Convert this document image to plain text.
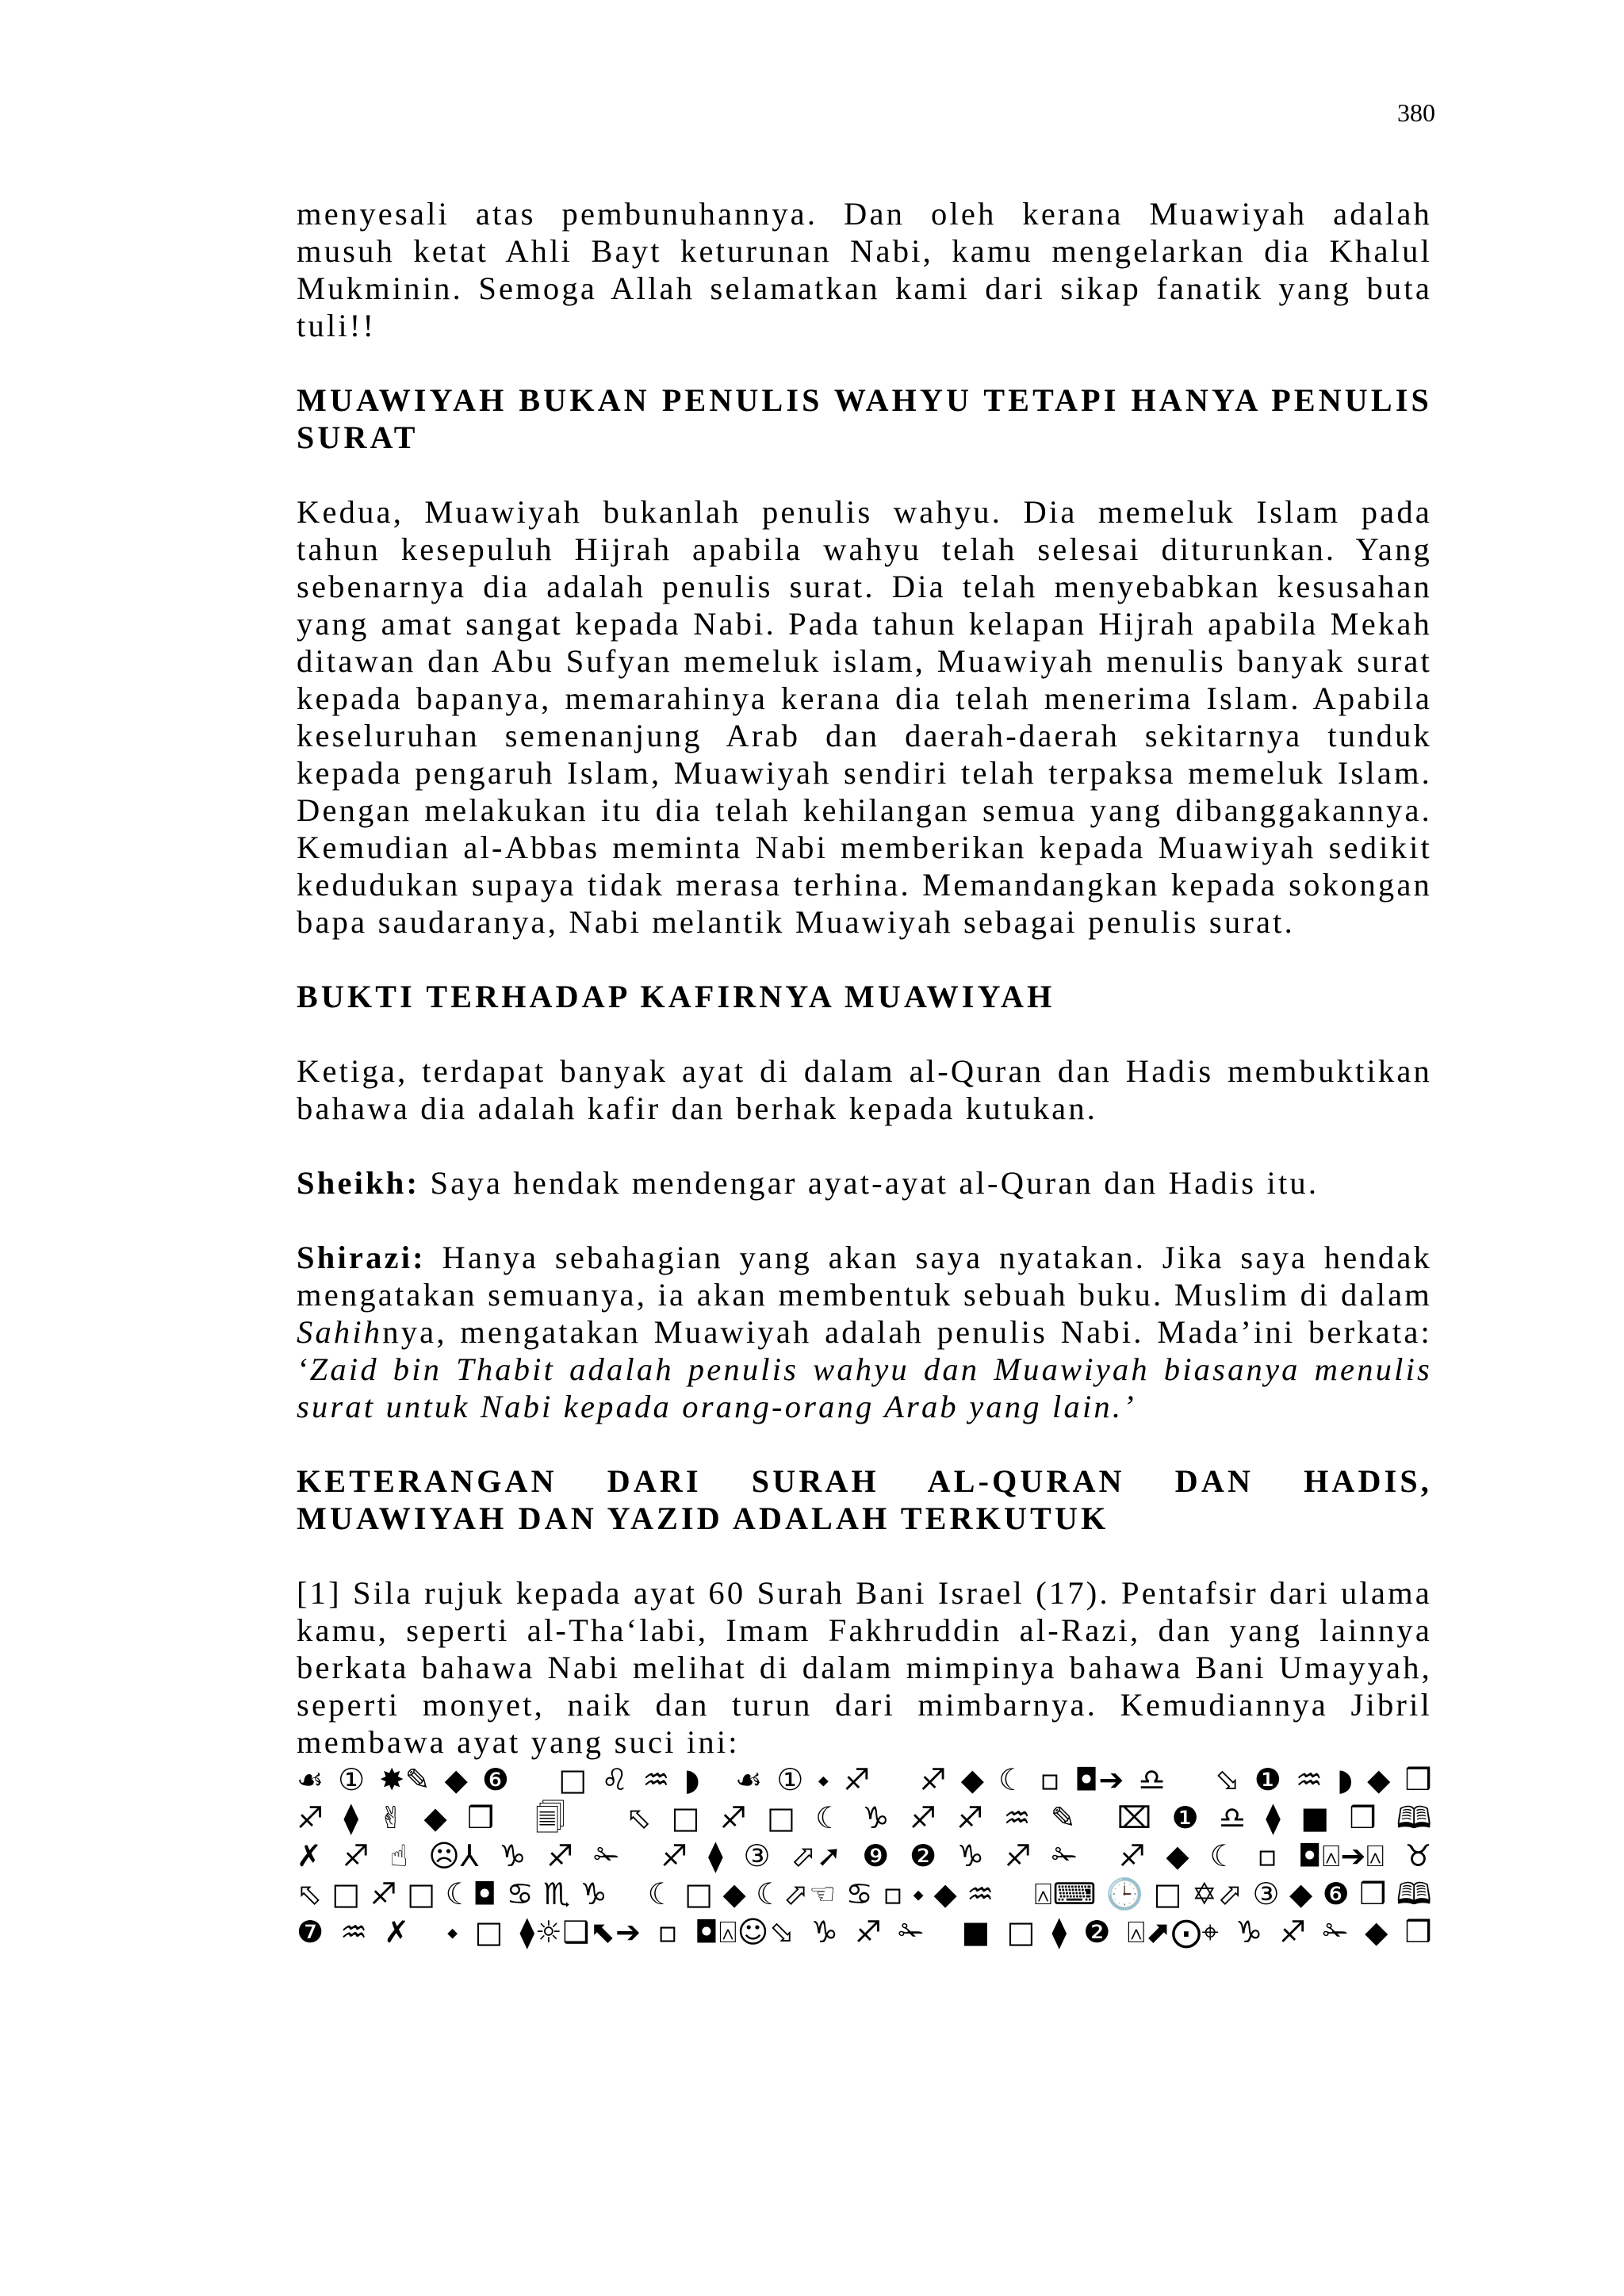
380

menyesali atas pembunuhannya. Dan oleh kerana Muawiyah adalah musuh ketat Ahli Bayt keturunan Nabi, kamu mengelarkan dia Khalul Mukminin. Semoga Allah selamatkan kami dari sikap fanatik yang buta tuli!!

MUAWIYAH BUKAN PENULIS WAHYU TETAPI HANYA PENULIS SURAT

Kedua, Muawiyah bukanlah penulis wahyu. Dia memeluk Islam pada tahun kesepuluh Hijrah apabila wahyu telah selesai diturunkan. Yang sebenarnya dia adalah penulis surat. Dia telah menyebabkan kesusahan yang amat sangat kepada Nabi. Pada tahun kelapan Hijrah apabila Mekah ditawan dan Abu Sufyan memeluk islam, Muawiyah menulis banyak surat kepada bapanya, memarahinya kerana dia telah menerima Islam. Apabila keseluruhan semenanjung Arab dan daerah-daerah sekitarnya tunduk kepada pengaruh Islam, Muawiyah sendiri telah terpaksa memeluk Islam. Dengan melakukan itu dia telah kehilangan semua yang dibanggakannya. Kemudian al-Abbas meminta Nabi memberikan kepada Muawiyah sedikit kedudukan supaya tidak merasa terhina. Memandangkan kepada sokongan bapa saudaranya, Nabi melantik Muawiyah sebagai penulis surat.

BUKTI TERHADAP KAFIRNYA MUAWIYAH

Ketiga, terdapat banyak ayat di dalam al-Quran dan Hadis membuktikan bahawa dia adalah kafir dan berhak kepada kutukan.

Sheikh: Saya hendak mendengar ayat-ayat al-Quran dan Hadis itu.

Shirazi: Hanya sebahagian yang akan saya nyatakan. Jika saya hendak mengatakan semuanya, ia akan membentuk sebuah buku. Muslim di dalam Sahihnya, mengatakan Muawiyah adalah penulis Nabi. Mada’ini berkata: ‘Zaid bin Thabit adalah penulis wahyu dan Muawiyah biasanya menulis surat untuk Nabi kepada orang-orang Arab yang lain.’

KETERANGAN DARI SURAH AL-QURAN DAN HADIS, MUAWIYAH DAN YAZID ADALAH TERKUTUK

[1] Sila rujuk kepada ayat 60 Surah Bani Israel (17). Pentafsir dari ulama kamu, seperti al-Tha‘labi, Imam Fakhruddin al-Razi, dan yang lainnya berkata bahawa Nabi melihat di dalam mimpinya bahawa Bani Umayyah, seperti monyet, naik dan turun dari mimbarnya. Kemudiannya Jibril membawa ayat yang suci ini:

☙①✸✎◆❻ □♌︎♒︎◗ ☙①⬩♐︎ ♐︎◆☾▫◘➔♎︎ ⬂❶♒︎◗◆❒
♐︎⧫✌︎◆❒ 🗐 ⬁□♐︎□☾♑︎♐︎♐︎♒︎✎ ⌧❶♎︎⧫■❒🕮
✗♐︎☝︎☹︎⅄♑︎♐︎✁ ♐︎⧫③⬀➚❾❷♑︎♐︎✁ ♐︎◆☾▫◘⍓➔⍓♉︎
⬁□♐︎□☾◘♋︎♏︎♑︎ ☾□◆☾⬀☜♋︎▫⬩◆♒︎ ⍓⌨︎🕒□✡︎⬀③◆❻❒🕮
❼♒︎✗ ⬩□⧫☼❑⬉➔▫◘⍓☺︎⬂♑︎♐︎✁ ■□⧫❷⍓⬈⨀⌖♑︎♐︎✁◆❒
